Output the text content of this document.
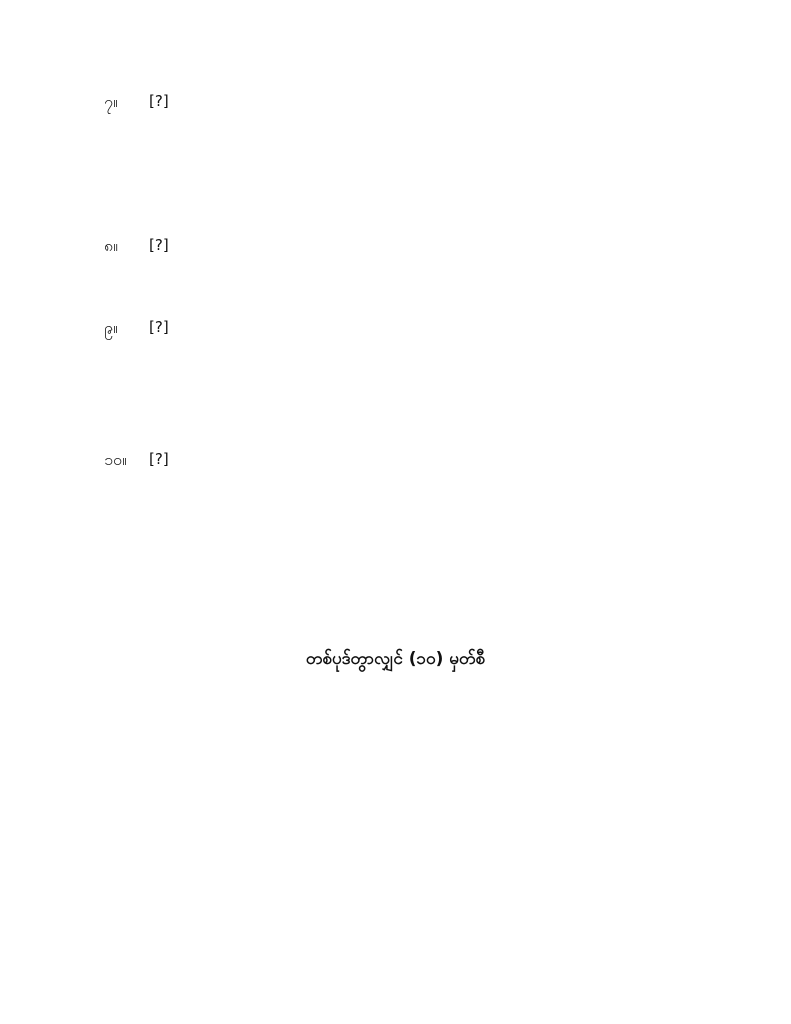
၇။	[?]
၈။	[?]
၉။	[?]
၁၀။	[?]
တစ်ပုဒ်တွာလျှင် (၁၀) မှတ်စီ
